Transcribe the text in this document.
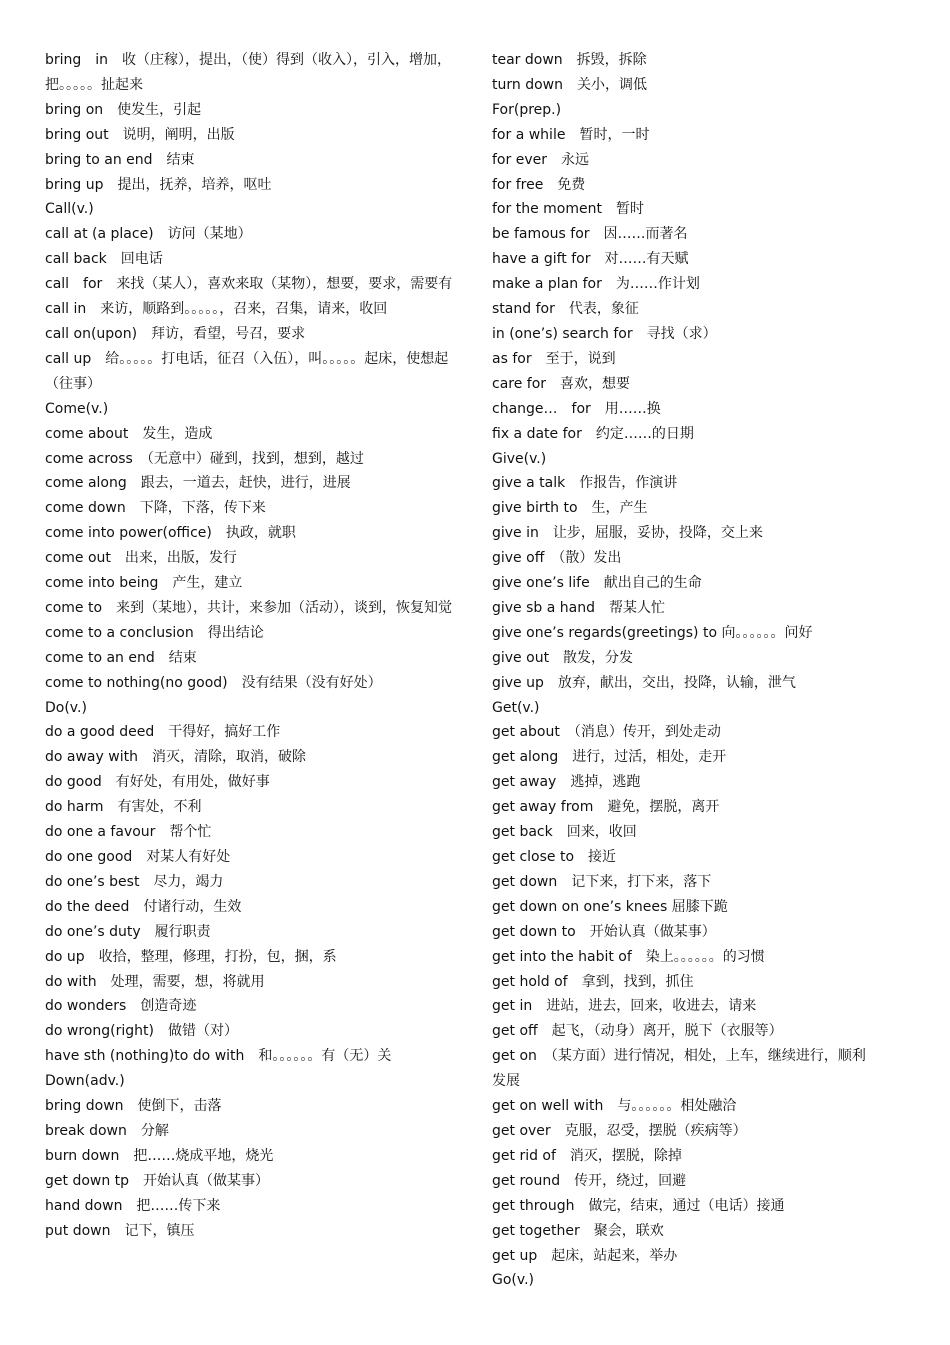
bring　in　收（庄稼），提出，（使）得到（收入），引入，增加，把。。。。。扯起来

bring on　使发生，引起

bring out　说明，阐明，出版

bring to an end　结束

bring up　提出，抚养，培养，呕吐

Call(v.)

call at (a place)　访问（某地）

call back　回电话

call　for　来找（某人），喜欢来取（某物），想要，要求，需要有

call in　来访，顺路到。。。。。，召来，召集，请来，收回

call on(upon)　拜访，看望，号召，要求

call up　给。。。。。打电话，征召（入伍），叫。。。。。起床，使想起（往事）

Come(v.)

come about　发生，造成

come across　（无意中）碰到，找到，想到，越过

come along　跟去，一道去，赶快，进行，进展

come down　下降，下落，传下来

come into power(office)　执政，就职

come out　出来，出版，发行

come into being　产生，建立

come to　来到（某地），共计，来参加（活动），谈到，恢复知觉

come to a conclusion　得出结论

come to an end　结束

come to nothing(no good)　没有结果（没有好处）

Do(v.)

do a good deed　干得好，搞好工作

do away with　消灭，清除，取消，破除

do good　有好处，有用处，做好事

do harm　有害处，不利

do one a favour　帮个忙

do one good　对某人有好处

do one’s best　尽力，竭力

do the deed　付诸行动，生效

do one’s duty　履行职责

do up　收拾，整理，修理，打扮，包，捆，系

do with　处理，需要，想，将就用

do wonders　创造奇迹

do wrong(right)　做错（对）

have sth (nothing)to do with　和。。。。。。有（无）关

Down(adv.)

bring down　使倒下，击落

break down　分解

burn down　把……烧成平地，烧光

get down tp　开始认真（做某事）

hand down　把……传下来

put down　记下，镇压

tear down　拆毁，拆除

turn down　关小，调低

For(prep.)

for a while　暂时，一时

for ever　永远

for free　免费

for the moment　暂时

be famous for　因……而著名

have a gift for　对……有天赋

make a plan for　为……作计划

stand for　代表，象征

in (one’s) search for　寻找（求）

as for　至于，说到

care for　喜欢，想要

change…　for　用……换

fix a date for　约定……的日期

Give(v.)

give a talk　作报告，作演讲

give birth to　生，产生

give in　让步，屈服，妥协，投降，交上来

give off　（散）发出

give one’s life　献出自己的生命

give sb a hand　帮某人忙

give one’s regards(greetings) to 向。。。。。。问好

give out　散发，分发

give up　放弃，献出，交出，投降，认输，泄气

Get(v.)

get about　（消息）传开，到处走动

get along　进行，过活，相处，走开

get away　逃掉，逃跑

get away from　避免，摆脱，离开

get back　回来，收回

get close to　接近

get down　记下来，打下来，落下

get down on one’s knees 屈膝下跪

get down to　开始认真（做某事）

get into the habit of　染上。。。。。。的习惯

get hold of　拿到，找到，抓住

get in　进站，进去，回来，收进去，请来

get off　起飞，（动身）离开，脱下（衣服等）

get on　（某方面）进行情况，相处，上车，继续进行，顺利发展

get on well with　与。。。。。。相处融洽

get over　克服，忍受，摆脱（疾病等）

get rid of　消灭，摆脱，除掉

get round　传开，绕过，回避

get through　做完，结束，通过（电话）接通

get together　聚会，联欢

get up　起床，站起来，举办

Go(v.)
